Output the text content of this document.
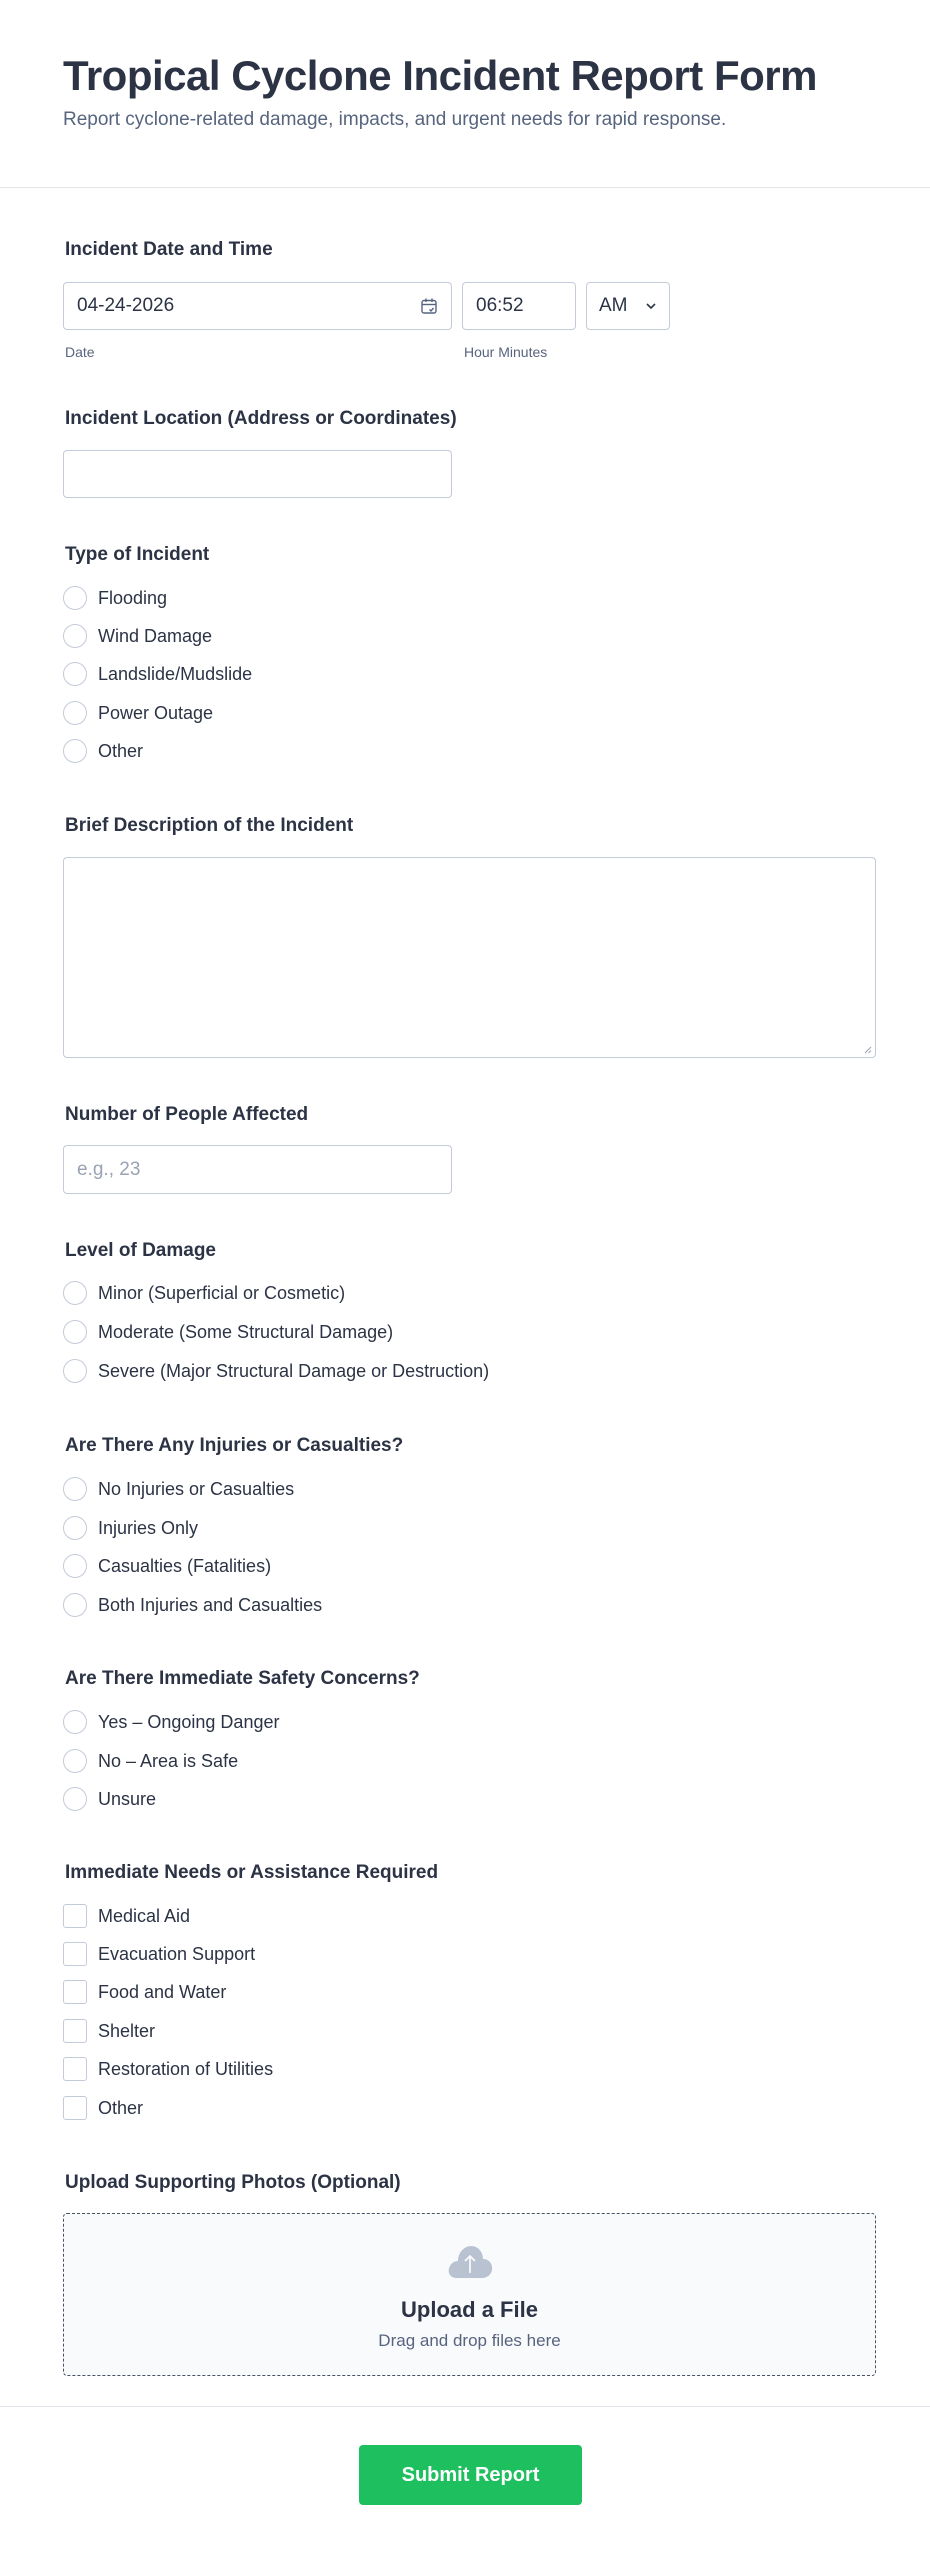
Tropical Cyclone Incident Report Form
Report cyclone-related damage, impacts, and urgent needs for rapid response.
Incident Date and Time
04-24-2026	06:52	AM
Date	Hour Minutes
Incident Location (Address or Coordinates)
Type of Incident
Flooding
Wind Damage
Landslide/Mudslide
Power Outage
Other
Brief Description of the Incident
Number of People Affected
e.g., 23
Level of Damage
Minor (Superficial or Cosmetic)
Moderate (Some Structural Damage)
Severe (Major Structural Damage or Destruction)
Are There Any Injuries or Casualties?
No Injuries or Casualties
Injuries Only
Casualties (Fatalities)
Both Injuries and Casualties
Are There Immediate Safety Concerns?
Yes – Ongoing Danger
No – Area is Safe
Unsure
Immediate Needs or Assistance Required
Medical Aid
Evacuation Support
Food and Water
Shelter
Restoration of Utilities
Other
Upload Supporting Photos (Optional)
Upload a File
Drag and drop files here
Submit Report
